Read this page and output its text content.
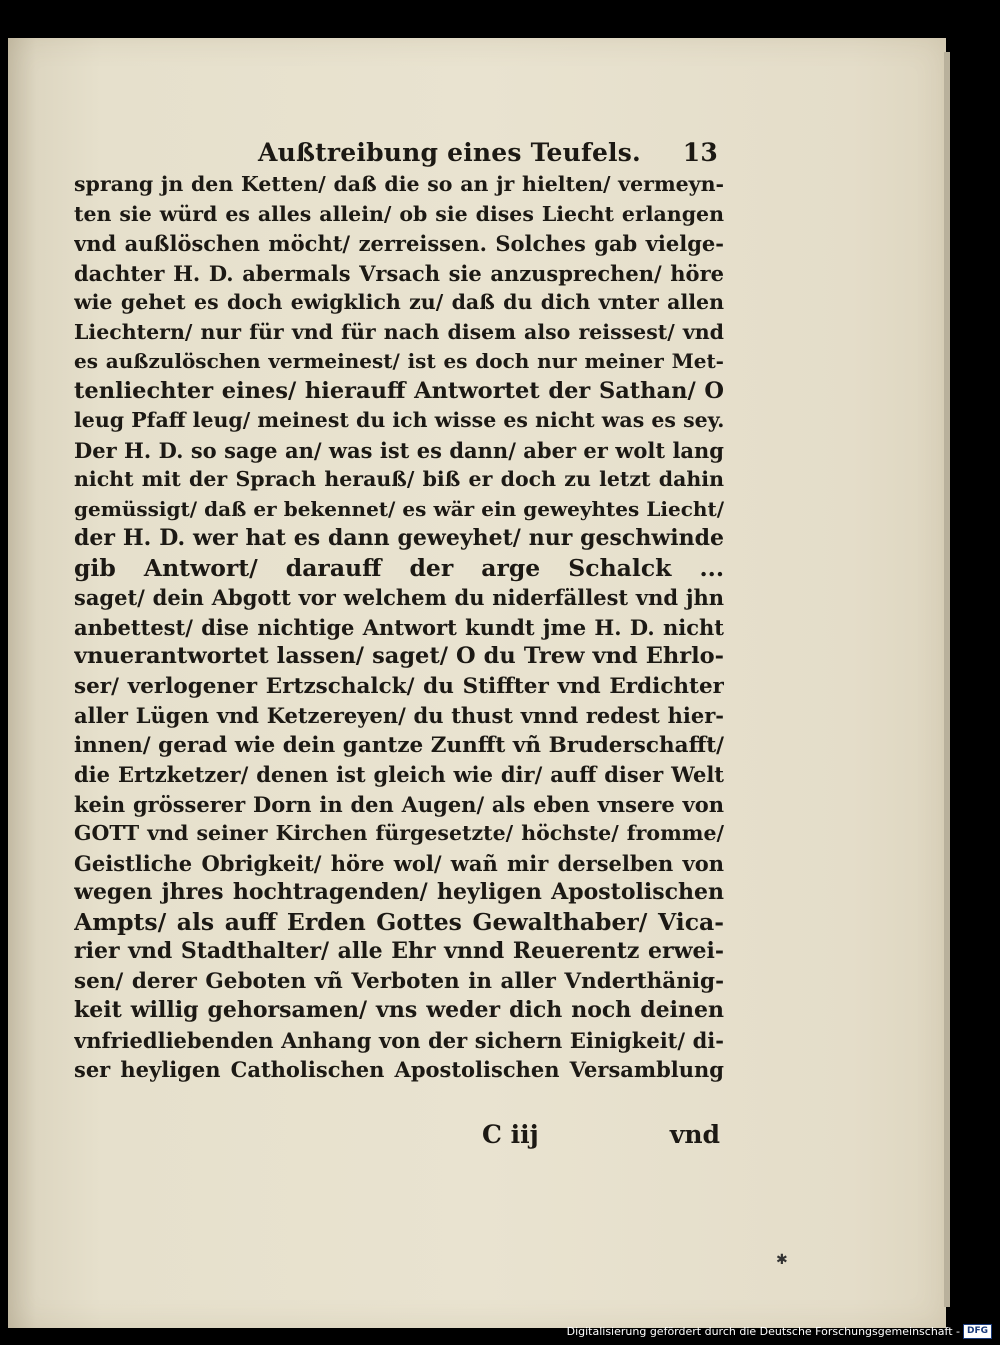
Außtreibung eines Teufels. 13
sprang jn den Ketten/ daß die so an jr hielten/ vermeyn-
ten sie würd es alles allein/ ob sie dises Liecht erlangen
vnd außlöschen möcht/ zerreissen. Solches gab vielge-
dachter H. D. abermals Vrsach sie anzusprechen/ höre
wie gehet es doch ewigklich zu/ daß du dich vnter allen
Liechtern/ nur für vnd für nach disem also reissest/ vnd
es außzulöschen vermeinest/ ist es doch nur meiner Met-
tenliechter eines/ hierauff Antwortet der Sathan/ O
leug Pfaff leug/ meinest du ich wisse es nicht was es sey.
Der H. D. so sage an/ was ist es dann/ aber er wolt lang
nicht mit der Sprach herauß/ biß er doch zu letzt dahin
gemüssigt/ daß er bekennet/ es wär ein geweyhtes Liecht/
der H. D. wer hat es dann geweyhet/ nur geschwinde
gib Antwort/ darauff der arge Schalck ...
saget/ dein Abgott vor welchem du niderfällest vnd jhn
anbettest/ dise nichtige Antwort kundt jme H. D. nicht
vnuerantwortet lassen/ saget/ O du Trew vnd Ehrlo-
ser/ verlogener Ertzschalck/ du Stiffter vnd Erdichter
aller Lügen vnd Ketzereyen/ du thust vnnd redest hier-
innen/ gerad wie dein gantze Zunfft vñ Bruderschafft/
die Ertzketzer/ denen ist gleich wie dir/ auff diser Welt
kein grösserer Dorn in den Augen/ als eben vnsere von
GOTT vnd seiner Kirchen fürgesetzte/ höchste/ fromme/
Geistliche Obrigkeit/ höre wol/ wañ mir derselben von
wegen jhres hochtragenden/ heyligen Apostolischen
Ampts/ als auff Erden Gottes Gewalthaber/ Vica-
rier vnd Stadthalter/ alle Ehr vnnd Reuerentz erwei-
sen/ derer Geboten vñ Verboten in aller Vnderthänig-
keit willig gehorsamen/ vns weder dich noch deinen
vnfriedliebenden Anhang von der sichern Einigkeit/ di-
ser heyligen Catholischen Apostolischen Versamblung
C iij	vnd
✱
Digitalisierung gefördert durch die Deutsche Forschungsgemeinschaft - DFG
